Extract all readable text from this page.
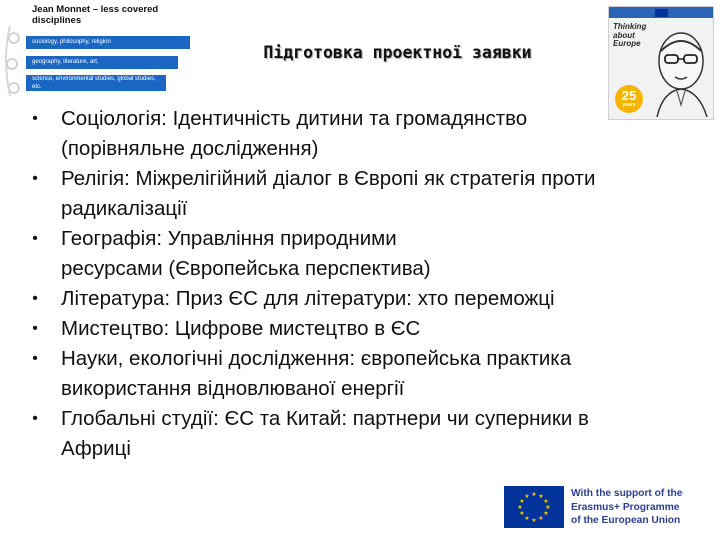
Jean Monnet – less covered disciplines
sociology, philosophy, religion
geography, literature, art,
science, environmental studies, global studies, etc.
Підготовка проектної заявки
Thinking about Europe
25
years
• Соціологія: Ідентичність дитини та громадянство
(порівняльне дослідження)
• Релігія: Міжрелігійний діалог в Європі як стратегія проти
радикалізації
• Географія: Управління природними
ресурсами (Європейська перспектива)
• Література: Приз ЄС для літератури: хто переможці
• Мистецтво: Цифрове мистецтво в ЄС
• Науки, екологічні дослідження: європейська практика
використання відновлюваної енергії
• Глобальні студії: ЄС та Китай: партнери чи суперники в
Африці
★ ★
★
★
★
★
★
★
★
★
★
★	With the support of the
Erasmus+ Programme
of the European Union
